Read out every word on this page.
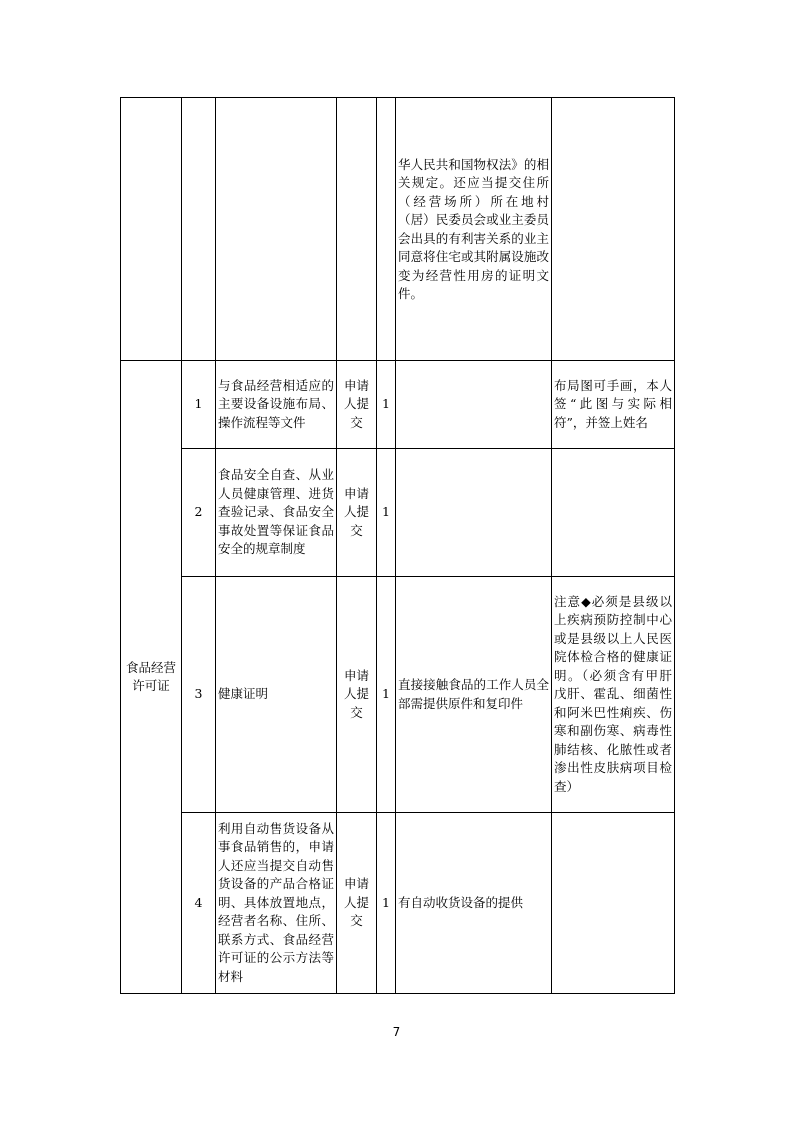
					华人民共和国物权法》的相关规定。还应当提交住所（经营场所）所在地村（居）民委员会或业主委员会出具的有利害关系的业主同意将住宅或其附属设施改变为经营性用房的证明文件。	
食品经营许可证	1	与食品经营相适应的主要设备设施布局、操作流程等文件	申请人提交	1		布局图可手画，本人签“此图与实际相符”，并签上姓名
	2	食品安全自查、从业人员健康管理、进货查验记录、食品安全事故处置等保证食品安全的规章制度	申请人提交	1		
	3	健康证明	申请人提交	1	直接接触食品的工作人员全部需提供原件和复印件	注意◆必须是县级以上疾病预防控制中心或是县级以上人民医院体检合格的健康证明。（必须含有甲肝戊肝、霍乱、细菌性和阿米巴性痢疾、伤寒和副伤寒、病毒性肺结核、化脓性或者渗出性皮肤病项目检查）
	4	利用自动售货设备从事食品销售的，申请人还应当提交自动售货设备的产品合格证明、具体放置地点，经营者名称、住所、联系方式、食品经营许可证的公示方法等材料	申请人提交	1	有自动收货设备的提供	
7
